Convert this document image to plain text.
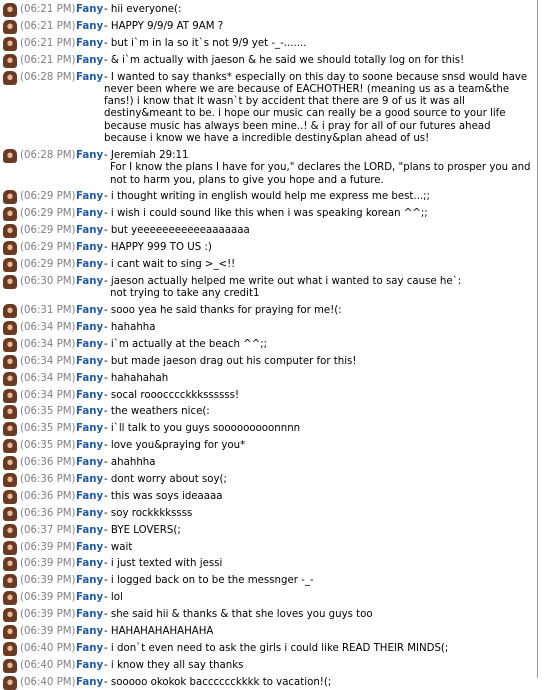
(06:21 PM) Fany - hii everyone(:
(06:21 PM) Fany - HAPPY 9/9/9 AT 9AM ?
(06:21 PM) Fany - but i`m in la so it`s not 9/9 yet -_-.......
(06:21 PM) Fany - & i`m actually with jaeson & he said we should totally log on for this!
(06:28 PM) Fany - I wanted to say thanks* especially on this day to soone because snsd would have never been where we are because of EACHOTHER! (meaning us as a team&the fans!) i know that it wasn`t by accident that there are 9 of us it was all destiny&meant to be. i hope our music can really be a good source to your life because music has always been mine..! & i pray for all of our futures ahead because i know we have a incredible destiny&plan ahead of us!
(06:28 PM) Fany - Jeremiah 29:11
For I know the plans I have for you," declares the LORD, "plans to prosper you and not to harm you, plans to give you hope and a future.
(06:29 PM) Fany - i thought writing in english would help me express me best...;;
(06:29 PM) Fany - i wish i could sound like this when i was speaking korean ^^;;
(06:29 PM) Fany - but yeeeeeeeeeeeaaaaaaa
(06:29 PM) Fany - HAPPY 999 TO US :)
(06:29 PM) Fany - i cant wait to sing >_<!!
(06:30 PM) Fany - jaeson actually helped me write out what i wanted to say cause he`:
not trying to take any credit1
(06:31 PM) Fany - sooo yea he said thanks for praying for me!(:
(06:34 PM) Fany - hahahha
(06:34 PM) Fany - i`m actually at the beach ^^;;
(06:34 PM) Fany - but made jaeson drag out his computer for this!
(06:34 PM) Fany - hahahahah
(06:34 PM) Fany - socal rooocccckkkssssss!
(06:35 PM) Fany - the weathers nice(:
(06:35 PM) Fany - i`ll talk to you guys sooooooooonnnn
(06:35 PM) Fany - love you&praying for you*
(06:36 PM) Fany - ahahhha
(06:36 PM) Fany - dont worry about soy(;
(06:36 PM) Fany - this was soys ideaaaa
(06:36 PM) Fany - soy rockkkkssss
(06:37 PM) Fany - BYE LOVERS(;
(06:39 PM) Fany - wait
(06:39 PM) Fany - i just texted with jessi
(06:39 PM) Fany - i logged back on to be the messnger -_-
(06:39 PM) Fany - lol
(06:39 PM) Fany - she said hii & thanks & that she loves you guys too
(06:39 PM) Fany - HAHAHAHAHAHAHA
(06:40 PM) Fany - i don`t even need to ask the girls i could like READ THEIR MINDS(;
(06:40 PM) Fany - i know they all say thanks
(06:40 PM) Fany - sooooo okokok bacccccckkkk to vacation!(;
